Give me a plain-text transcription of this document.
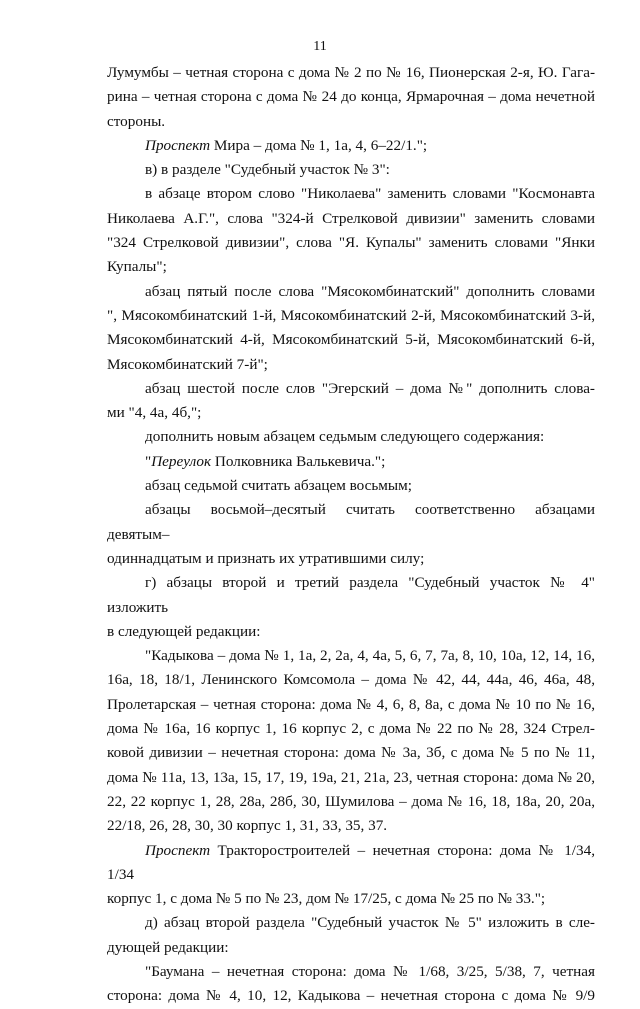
11

Лумумбы – четная сторона с дома № 2 по № 16, Пионерская 2-я, Ю. Гага-

рина – четная сторона с дома № 24 до конца, Ярмарочная – дома нечетной

стороны.

Проспект Мира – дома № 1, 1а, 4, 6–22/1.";

в) в разделе "Судебный участок № 3":

в абзаце втором слово "Николаева" заменить словами "Космонавта

Николаева А.Г.", слова "324-й Стрелковой дивизии" заменить словами

"324 Стрелковой дивизии", слова "Я. Купалы" заменить словами "Янки

Купалы";

абзац пятый после слова "Мясокомбинатский" дополнить словами

", Мясокомбинатский 1-й, Мясокомбинатский 2-й, Мясокомбинатский 3-й,

Мясокомбинатский 4-й, Мясокомбинатский 5-й, Мясокомбинатский 6-й,

Мясокомбинатский 7-й";

абзац шестой после слов "Эгерский – дома №" дополнить слова-

ми "4, 4а, 4б,";

дополнить новым абзацем седьмым следующего содержания:

"Переулок Полковника Валькевича.";

абзац седьмой считать абзацем восьмым;

абзацы восьмой–десятый считать соответственно абзацами девятым–

одиннадцатым и признать их утратившими силу;

г) абзацы второй и третий раздела "Судебный участок № 4" изложить

в следующей редакции:

"Кадыкова – дома № 1, 1а, 2, 2а, 4, 4а, 5, 6, 7, 7а, 8, 10, 10а, 12, 14, 16,

16а, 18, 18/1, Ленинского Комсомола – дома № 42, 44, 44а, 46, 46а, 48,

Пролетарская – четная сторона: дома № 4, 6, 8, 8а, с дома № 10 по № 16,

дома № 16а, 16 корпус 1, 16 корпус 2, с дома № 22 по № 28, 324 Стрел-

ковой дивизии – нечетная сторона: дома № 3а, 3б, с дома № 5 по № 11,

дома № 11а, 13, 13а, 15, 17, 19, 19а, 21, 21а, 23, четная сторона: дома № 20,

22, 22 корпус 1, 28, 28а, 28б, 30, Шумилова – дома № 16, 18, 18а, 20, 20а,

22/18, 26, 28, 30, 30 корпус 1, 31, 33, 35, 37.

Проспект Тракторостроителей – нечетная сторона: дома № 1/34, 1/34

корпус 1, с дома № 5 по № 23, дом № 17/25, с дома № 25 по № 33.";

д) абзац второй раздела "Судебный участок № 5" изложить в сле-

дующей редакции:

"Баумана – нечетная сторона: дома № 1/68, 3/25, 5/38, 7, четная

сторона: дома № 4, 10, 12, Кадыкова – нечетная сторона с дома № 9/9
